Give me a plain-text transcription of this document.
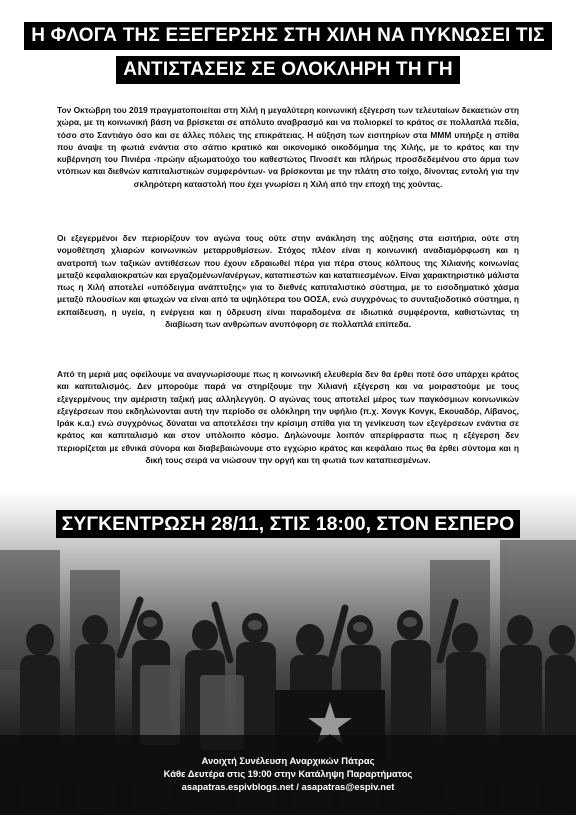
Η ΦΛΟΓΑ ΤΗΣ ΕΞΕΓΕΡΣΗΣ ΣΤΗ ΧΙΛΗ ΝΑ ΠΥΚΝΩΣΕΙ ΤΙΣ
ΑΝΤΙΣΤΑΣΕΙΣ ΣΕ ΟΛΟΚΛΗΡΗ ΤΗ ΓΗ
Τον Οκτώβρη του 2019 πραγματοποιείται στη Χιλή η μεγαλύτερη κοινωνική εξέγερση των τελευταίων δεκαετιών στη χώρα, με τη κοινωνική βάση να βρίσκεται σε απόλυτο αναβρασμό και να πολιορκεί το κράτος σε πολλαπλά πεδία, τόσο στο Σαντιάγο όσο και σε άλλες πόλεις της επικράτειας. Η αύξηση των εισιτηρίων στα ΜΜΜ υπήρξε η σπίθα που άναψε τη φωτιά ενάντια στο σάπιο κρατικό και οικονομικό οικοδόμημα της Χιλής, με το κράτος και την κυβέρνηση του Πινιέρα -πρώην αξιωματούχο του καθεστώτος Πινοσέτ και πλήρως προσδεδεμένου στο άρμα των ντόπιων και διεθνών καπιταλιστικών συμφερόντων- να βρίσκονται με την πλάτη στο τοίχο, δίνοντας εντολή για την σκληρότερη καταστολή που έχει γνωρίσει η Χιλή από την εποχή της χούντας.
Οι εξεγερμένοι δεν περιορίζουν τον αγώνα τους ούτε στην ανάκληση της αύξησης στα εισιτήρια, ούτε στη νομοθέτηση χλιαρών κοινωνικών μεταρρυθμίσεων. Στόχος πλέον είναι η κοινωνική αναδιαμόρφωση και η ανατροπή των ταξικών αντιθέσεων που έχουν εδραιωθεί πέρα για πέρα στους κόλπους της Χιλιανής κοινωνίας μεταξύ κεφαλαιοκρατών και εργαζομένων/ανέργων, καταπιεστών και καταπιεσμένων. Είναι χαρακτηριστικό μάλιστα πως η Χιλή αποτελεί «υπόδειγμα ανάπτυξης» για το διεθνές καπιταλιστικό σύστημα, με το εισοδηματικό χάσμα μεταξύ πλουσίων και φτωχών να είναι από τα υψηλότερα του ΟΟΣΑ, ενώ συγχρόνως το συνταξιοδοτικό σύστημα, η εκπαίδευση, η υγεία, η ενέργεια και η ύδρευση είναι παραδομένα σε ιδιωτικά συμφέροντα, καθιστώντας τη διαβίωση των ανθρώπων ανυπόφορη σε πολλαπλά επίπεδα.
Από τη μεριά μας οφείλουμε να αναγνωρίσουμε πως η κοινωνική ελευθερία δεν θα έρθει ποτέ όσο υπάρχει κράτος και καπιταλισμός. Δεν μπορούμε παρά να στηρίξουμε την Χιλιανή εξέγερση και να μοιραστούμε με τους εξεγερμένους την αμέριστη ταξική μας αλληλεγγύη. Ο αγώνας τους αποτελεί μέρος των παγκόσμιων κοινωνικών εξεγέρσεων που εκδηλώνονται αυτή την περίοδο σε ολόκληρη την υφήλιο (π.χ. Χονγκ Κονγκ, Εκουαδόρ, Λίβανος, Ιράκ κ.α.) ενώ συγχρόνως δύναται να αποτελέσει την κρίσιμη σπίθα για τη γενίκευση των εξεγέρσεων ενάντια σε κράτος και καπιταλισμό και στον υπόλοιπο κόσμο. Δηλώνουμε λοιπόν απερίφραστα πως η εξέγερση δεν περιορίζεται με εθνικά σύνορα και διαβεβαιώνουμε στο εγχώριο κράτος και κεφάλαιο πως θα έρθει σύντομα και η δική τους σειρά να νιώσουν την οργή και τη φωτιά των καταπιεσμένων.
ΣΥΓΚΕΝΤΡΩΣΗ 28/11, ΣΤΙΣ 18:00, ΣΤΟΝ ΕΣΠΕΡΟ
Ανοιχτή Συνέλευση Αναρχικών Πάτρας
Κάθε Δευτέρα στις 19:00 στην Κατάληψη Παραρτήματος
asapatras.espivblogs.net / asapatras@espiv.net
